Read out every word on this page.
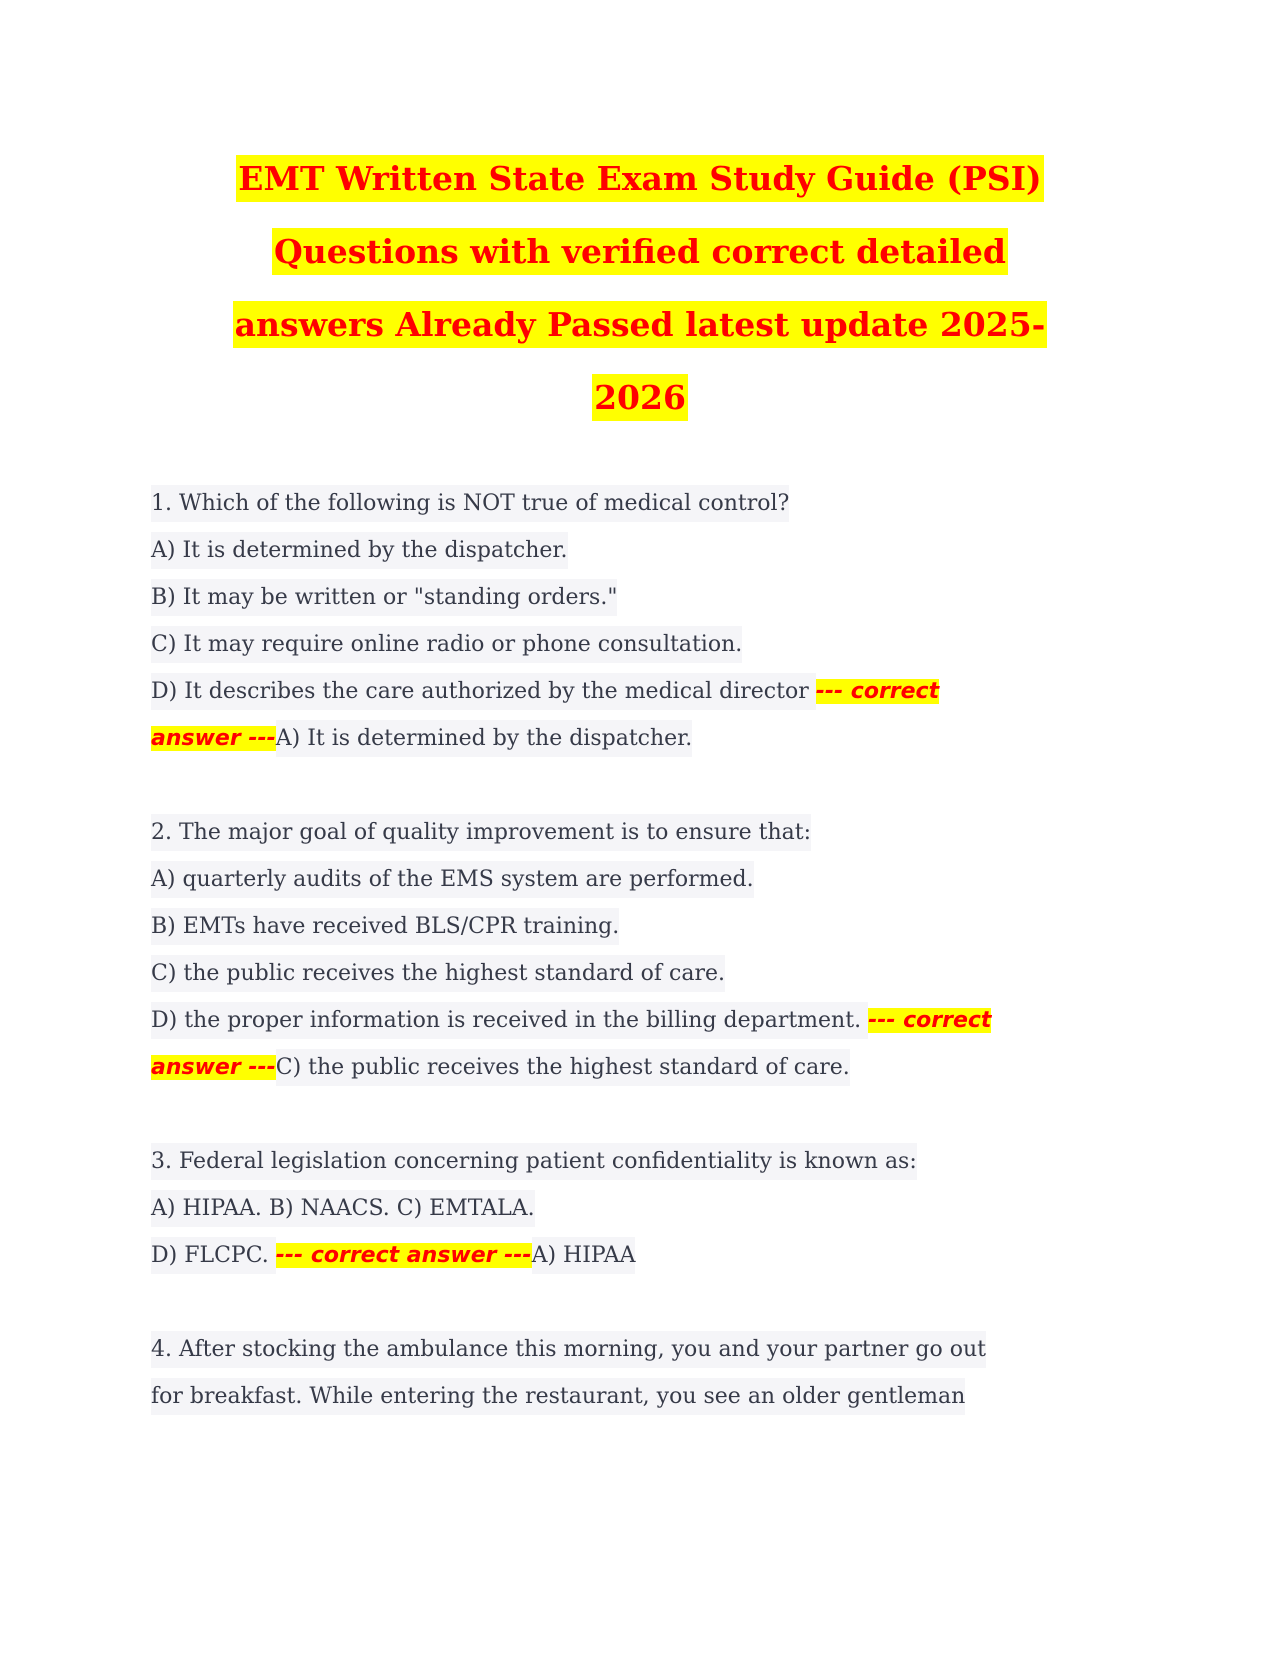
EMT Written State Exam Study Guide (PSI)
Questions with verified correct detailed
answers Already Passed latest update 2025-
2026
1. Which of the following is NOT true of medical control?
A) It is determined by the dispatcher.
B) It may be written or "standing orders."
C) It may require online radio or phone consultation.
D) It describes the care authorized by the medical director --- correct
answer ---A) It is determined by the dispatcher.
2. The major goal of quality improvement is to ensure that:
A) quarterly audits of the EMS system are performed.
B) EMTs have received BLS/CPR training.
C) the public receives the highest standard of care.
D) the proper information is received in the billing department. --- correct
answer ---C) the public receives the highest standard of care.
3. Federal legislation concerning patient confidentiality is known as:
A) HIPAA. B) NAACS. C) EMTALA.
D) FLCPC. --- correct answer ---A) HIPAA
4. After stocking the ambulance this morning, you and your partner go out
for breakfast. While entering the restaurant, you see an older gentleman
